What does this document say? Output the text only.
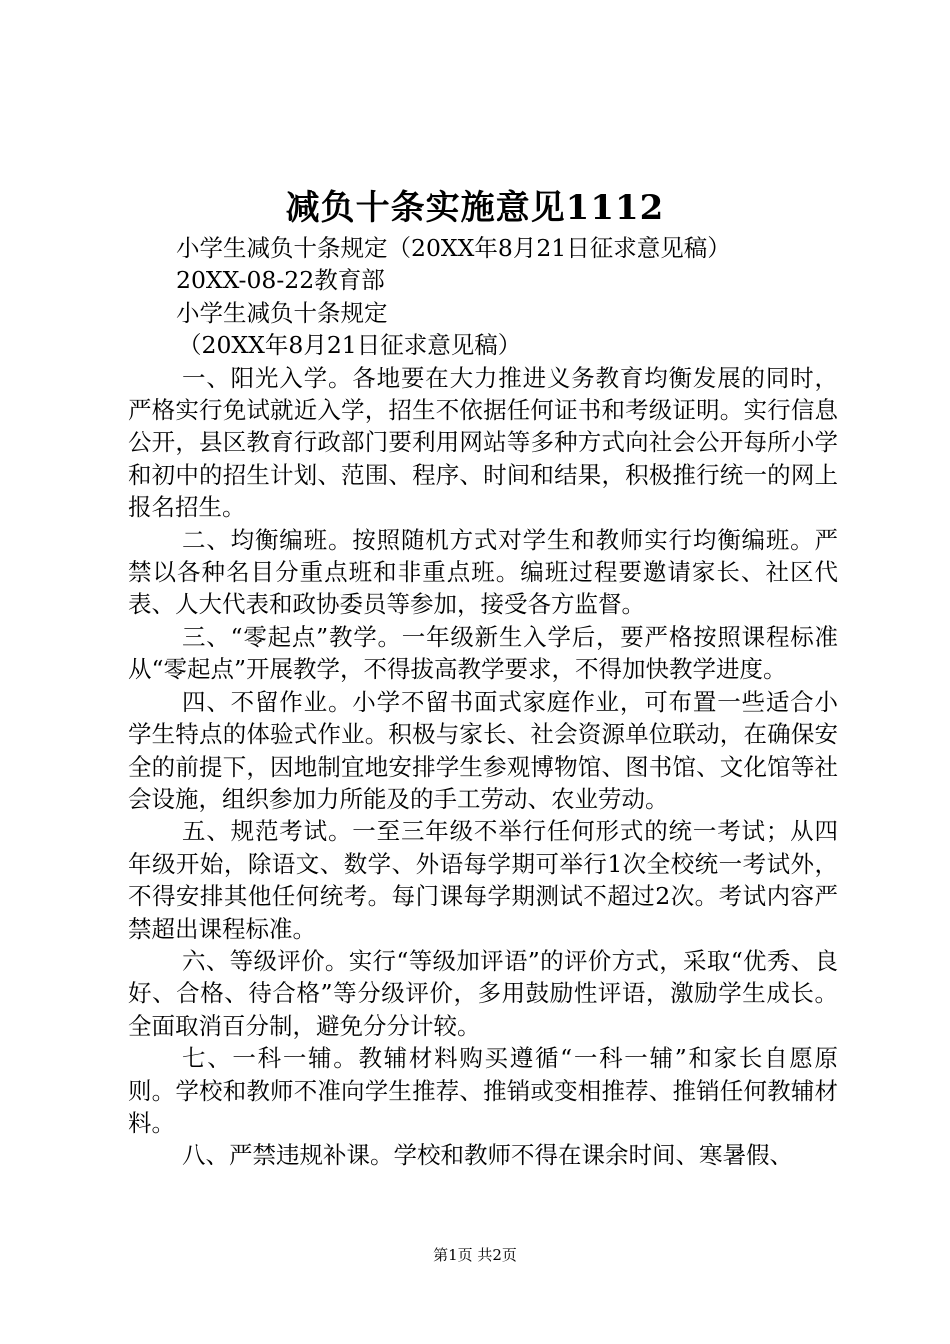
减负十条实施意见1112
小学生减负十条规定（20XX年8月21日征求意见稿）
20XX-08-22教育部
小学生减负十条规定
（20XX年8月21日征求意见稿）
一、阳光入学。各地要在大力推进义务教育均衡发展的同时，严格实行免试就近入学，招生不依据任何证书和考级证明。实行信息公开，县区教育行政部门要利用网站等多种方式向社会公开每所小学和初中的招生计划、范围、程序、时间和结果，积极推行统一的网上报名招生。
二、均衡编班。按照随机方式对学生和教师实行均衡编班。严禁以各种名目分重点班和非重点班。编班过程要邀请家长、社区代表、人大代表和政协委员等参加，接受各方监督。
三、“零起点”教学。一年级新生入学后，要严格按照课程标准从“零起点”开展教学，不得拔高教学要求，不得加快教学进度。
四、不留作业。小学不留书面式家庭作业，可布置一些适合小学生特点的体验式作业。积极与家长、社会资源单位联动，在确保安全的前提下，因地制宜地安排学生参观博物馆、图书馆、文化馆等社会设施，组织参加力所能及的手工劳动、农业劳动。
五、规范考试。一至三年级不举行任何形式的统一考试；从四年级开始，除语文、数学、外语每学期可举行1次全校统一考试外，不得安排其他任何统考。每门课每学期测试不超过2次。考试内容严禁超出课程标准。
六、等级评价。实行“等级加评语”的评价方式，采取“优秀、良好、合格、待合格”等分级评价，多用鼓励性评语，激励学生成长。全面取消百分制，避免分分计较。
七、一科一辅。教辅材料购买遵循“一科一辅”和家长自愿原则。学校和教师不准向学生推荐、推销或变相推荐、推销任何教辅材料。
八、严禁违规补课。学校和教师不得在课余时间、寒暑假、
第1页 共2页
